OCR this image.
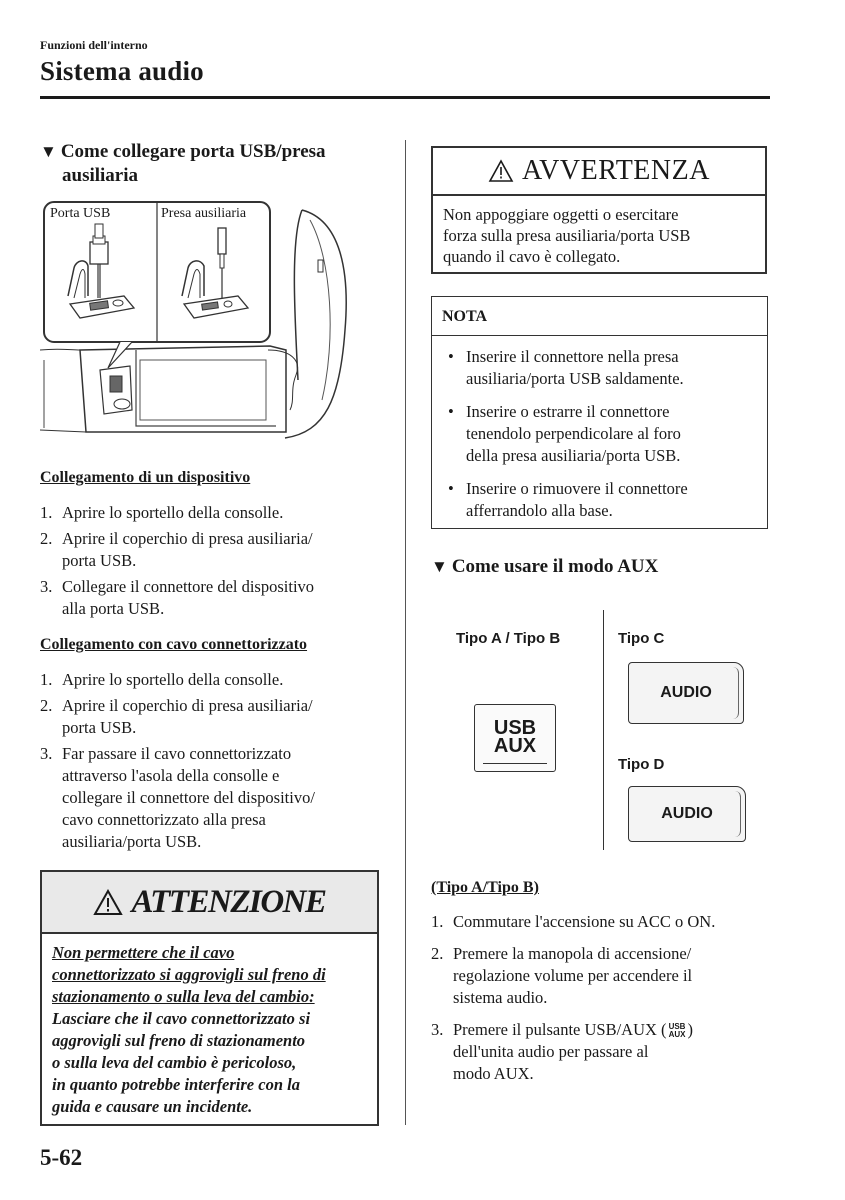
Funzioni dell'interno
Sistema audio
▼ Come collegare porta USB/presa
ausiliaria
Porta USB	Presa ausiliaria
Collegamento di un dispositivo
1. Aprire lo sportello della consolle.
2. Aprire il coperchio di presa ausiliaria/
porta USB.
3. Collegare il connettore del dispositivo
alla porta USB.
Collegamento con cavo connettorizzato
1. Aprire lo sportello della consolle.
2. Aprire il coperchio di presa ausiliaria/
porta USB.
3. Far passare il cavo connettorizzato
attraverso l'asola della consolle e
collegare il connettore del dispositivo/
cavo connettorizzato alla presa
ausiliaria/porta USB.
ATTENZIONE
Non permettere che il cavo
connettorizzato si aggrovigli sul freno di
stazionamento o sulla leva del cambio:
Lasciare che il cavo connettorizzato si
aggrovigli sul freno di stazionamento
o sulla leva del cambio è pericoloso,
in quanto potrebbe interferire con la
guida e causare un incidente.
AVVERTENZA
Non appoggiare oggetti o esercitare
forza sulla presa ausiliaria/porta USB
quando il cavo è collegato.
NOTA
• Inserire il connettore nella presa
ausiliaria/porta USB saldamente.
• Inserire o estrarre il connettore
tenendolo perpendicolare al foro
della presa ausiliaria/porta USB.
• Inserire o rimuovere il connettore
afferrandolo alla base.
▼ Come usare il modo AUX
Tipo A / Tipo B	Tipo C
Tipo D
USB
AUX
AUDIO
AUDIO
(Tipo A/Tipo B)
1. Commutare l'accensione su ACC o ON.
2. Premere la manopola di accensione/
regolazione volume per accendere il
sistema audio.
3. Premere il pulsante USB/AUX ( USB
AUX )
dell'unita audio per passare al
modo AUX.
5-62
